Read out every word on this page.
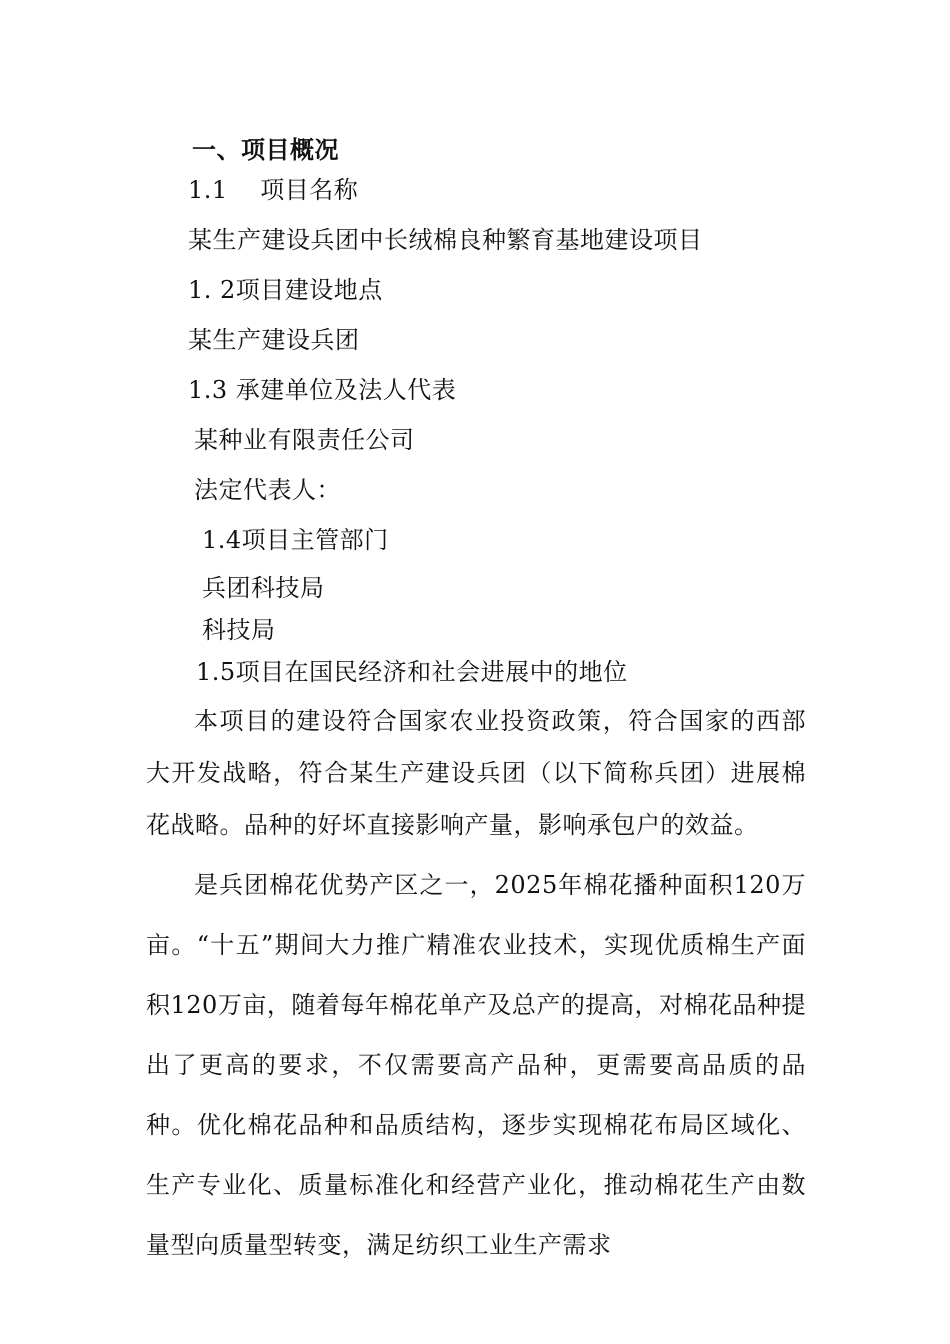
一、项目概况
1.1　 项目名称
某生产建设兵团中长绒棉良种繁育基地建设项目
1. 2项目建设地点
某生产建设兵团
1.3 承建单位及法人代表
某种业有限责任公司
法定代表人：
1.4项目主管部门
兵团科技局
科技局
1.5项目在国民经济和社会进展中的地位
本项目的建设符合国家农业投资政策，符合国家的西部大开发战略，符合某生产建设兵团（以下简称兵团）进展棉花战略。品种的好坏直接影响产量，影响承包户的效益。
是兵团棉花优势产区之一，2025年棉花播种面积120万亩。“十五”期间大力推广精准农业技术，实现优质棉生产面积120万亩，随着每年棉花单产及总产的提高，对棉花品种提出了更高的要求，不仅需要高产品种，更需要高品质的品种。优化棉花品种和品质结构，逐步实现棉花布局区域化、生产专业化、质量标准化和经营产业化，推动棉花生产由数量型向质量型转变，满足纺织工业生产需求
